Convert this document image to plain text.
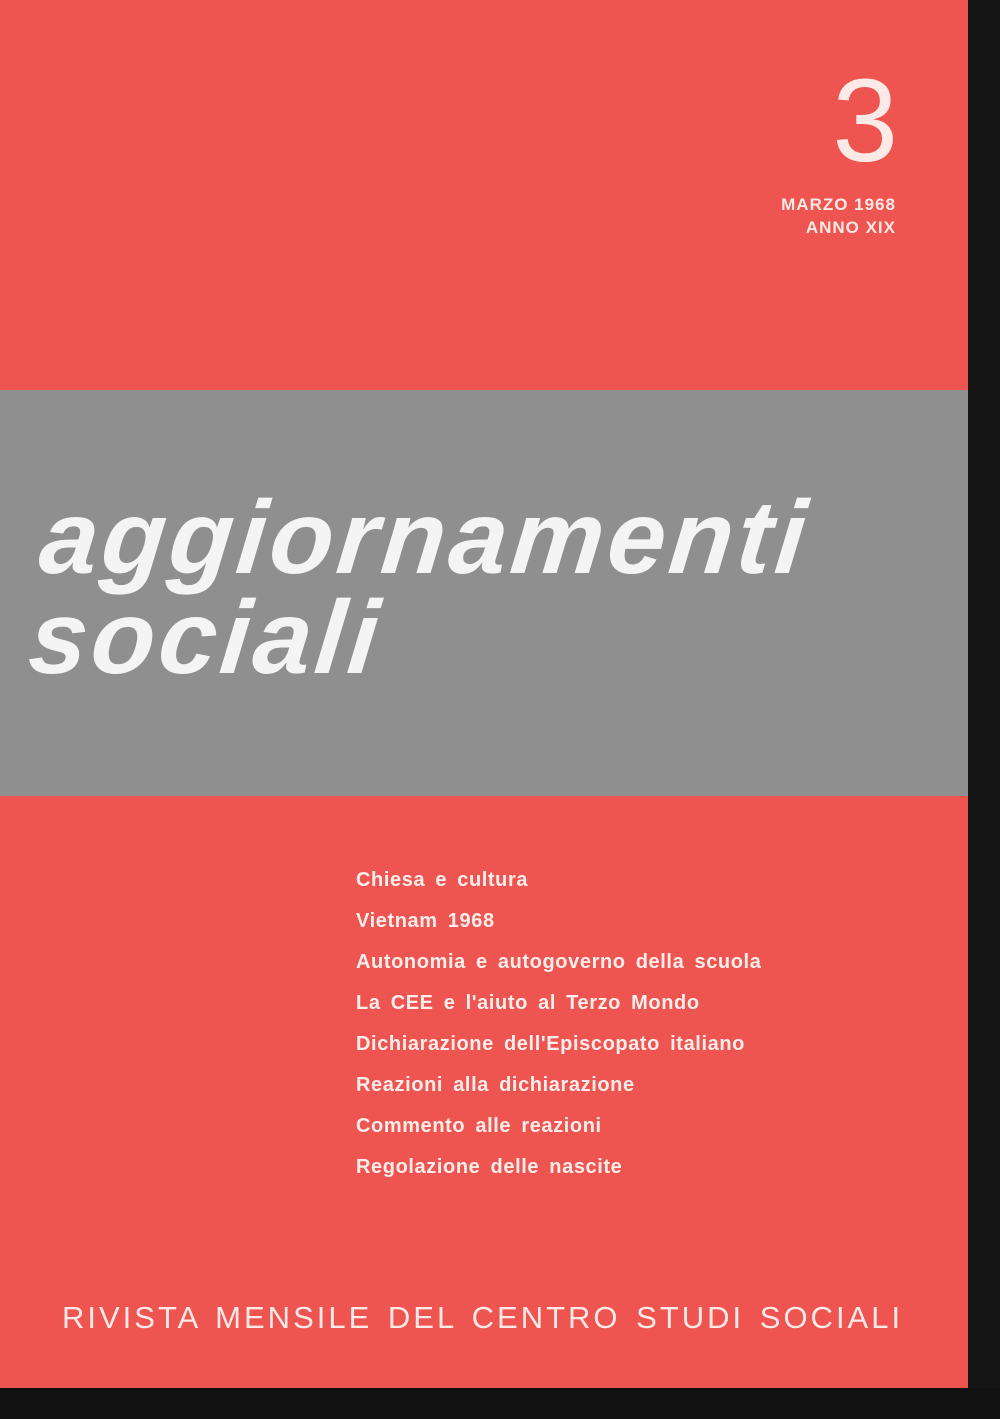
3
MARZO 1968
ANNO XIX
aggiornamenti
sociali
Chiesa e cultura
Vietnam 1968
Autonomia e autogoverno della scuola
La CEE e l'aiuto al Terzo Mondo
Dichiarazione dell'Episcopato italiano
Reazioni alla dichiarazione
Commento alle reazioni
Regolazione delle nascite
RIVISTA MENSILE DEL CENTRO STUDI SOCIALI
